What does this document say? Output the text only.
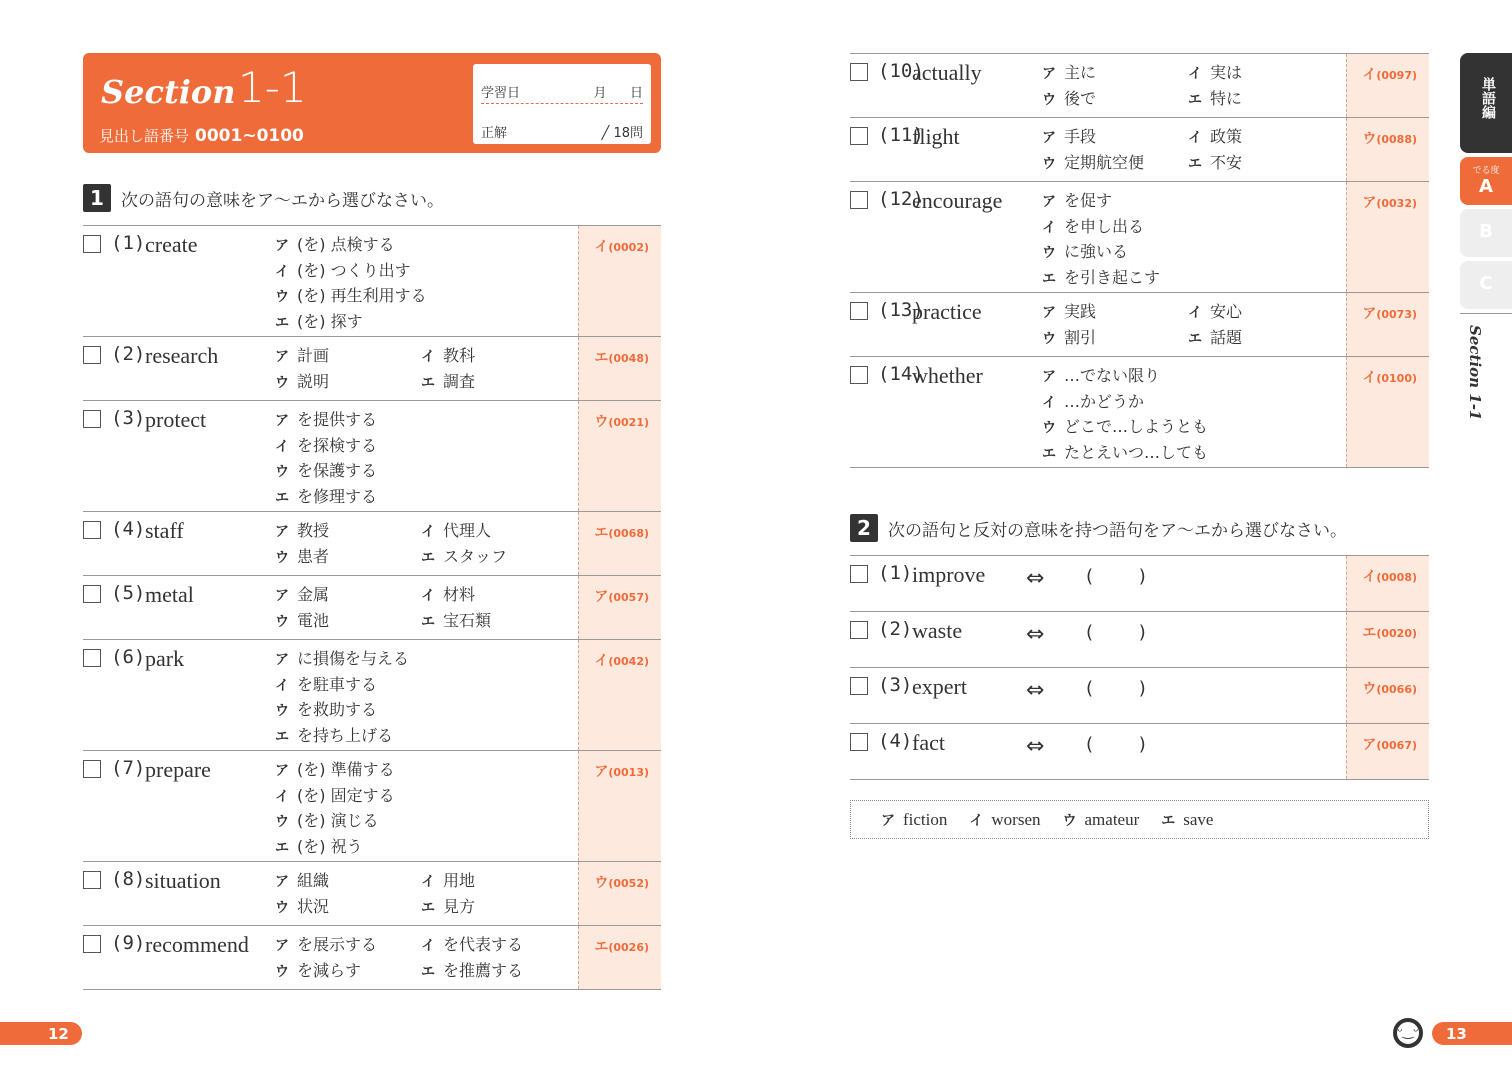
Section 1-1
見出し語番号 0001~0100
学習日	月 日
正解	╱ 18問
1	次の語句の意味をア〜エから選びなさい。
(1) create	ア (を) 点検する
イ (を) つくり出す
ウ (を) 再生利用する
エ (を) 探す
イ(0002)
(2) research	ア 計画	イ 教科
ウ 説明	エ 調査
エ(0048)
(3) protect	ア を提供する
イ を探検する
ウ を保護する
エ を修理する
ウ(0021)
(4) staff	ア 教授	イ 代理人
ウ 患者	エ スタッフ
エ(0068)
(5) metal	ア 金属	イ 材料
ウ 電池	エ 宝石類
ア(0057)
(6) park	ア に損傷を与える
イ を駐車する
ウ を救助する
エ を持ち上げる
イ(0042)
(7) prepare	ア (を) 準備する
イ (を) 固定する
ウ (を) 演じる
エ (を) 祝う
ア(0013)
(8) situation	ア 組織	イ 用地
ウ 状況	エ 見方
ウ(0052)
(9) recommend ア を展示する	イ を代表する
ウ を減らす	エ を推薦する
エ(0026)
(10)
actually	ア 主に	イ 実は
ウ 後で	エ 特に
イ(0097)
(11)
flight	ア 手段	イ 政策
ウ 定期航空便	エ 不安
ウ(0088)
(12)
encourage	ア を促す
イ を申し出る
ウ に強いる
エ を引き起こす
ア(0032)
(13)
practice	ア 実践	イ 安心
ウ 割引	エ 話題
ア(0073)
(14)
whether	ア …でない限り
イ …かどうか
ウ どこで…しようとも
エ たとえいつ…しても
イ(0100)
2	次の語句と反対の意味を持つ語句をア〜エから選びなさい。
(1) improve ⇔ ( )	イ(0008)
(2) waste	⇔ ( )	エ(0020)
(3) expert	⇔ ( )	ウ(0066)
(4) fact	⇔ ( )	ア(0067)
ア fiction イ worsen ウ amateur エ save
単語編
でる度
A
B
C
Section 1-1
12	ᵕ‿ᵕ	13
